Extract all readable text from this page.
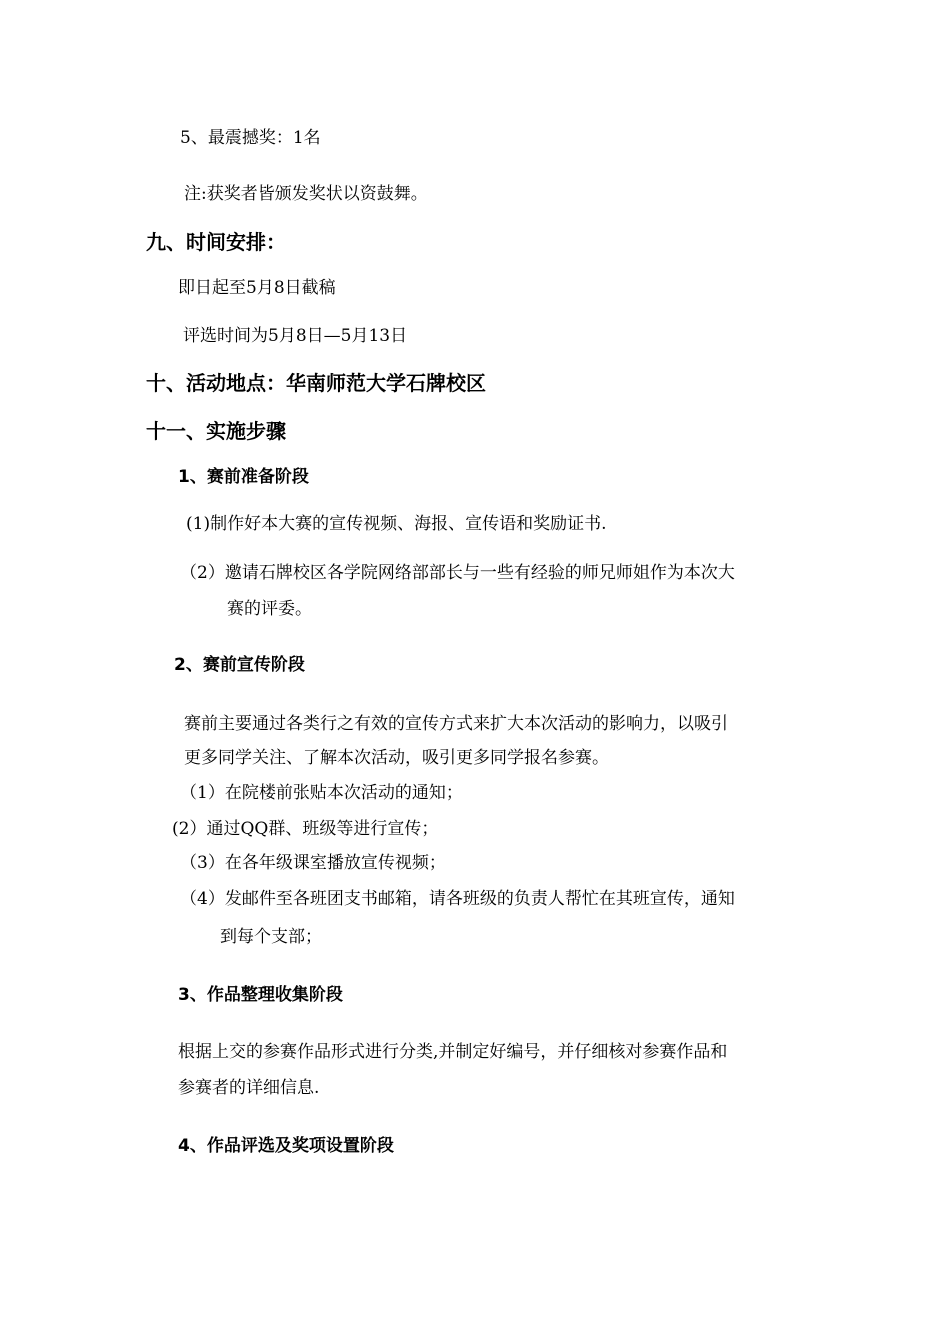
5、最震撼奖：1名
注:获奖者皆颁发奖状以资鼓舞。
九、时间安排：
即日起至5月8日截稿
评选时间为5月8日—5月13日
十、活动地点：华南师范大学石牌校区
十一、实施步骤
1、赛前准备阶段
(1)制作好本大赛的宣传视频、海报、宣传语和奖励证书.
（2）邀请石牌校区各学院网络部部长与一些有经验的师兄师姐作为本次大
赛的评委。
2、赛前宣传阶段
赛前主要通过各类行之有效的宣传方式来扩大本次活动的影响力，以吸引
更多同学关注、了解本次活动，吸引更多同学报名参赛。
（1）在院楼前张贴本次活动的通知；
(2）通过QQ群、班级等进行宣传；
（3）在各年级课室播放宣传视频；
（4）发邮件至各班团支书邮箱，请各班级的负责人帮忙在其班宣传，通知
到每个支部；
3、作品整理收集阶段
根据上交的参赛作品形式进行分类,并制定好编号，并仔细核对参赛作品和
参赛者的详细信息.
4、作品评选及奖项设置阶段
